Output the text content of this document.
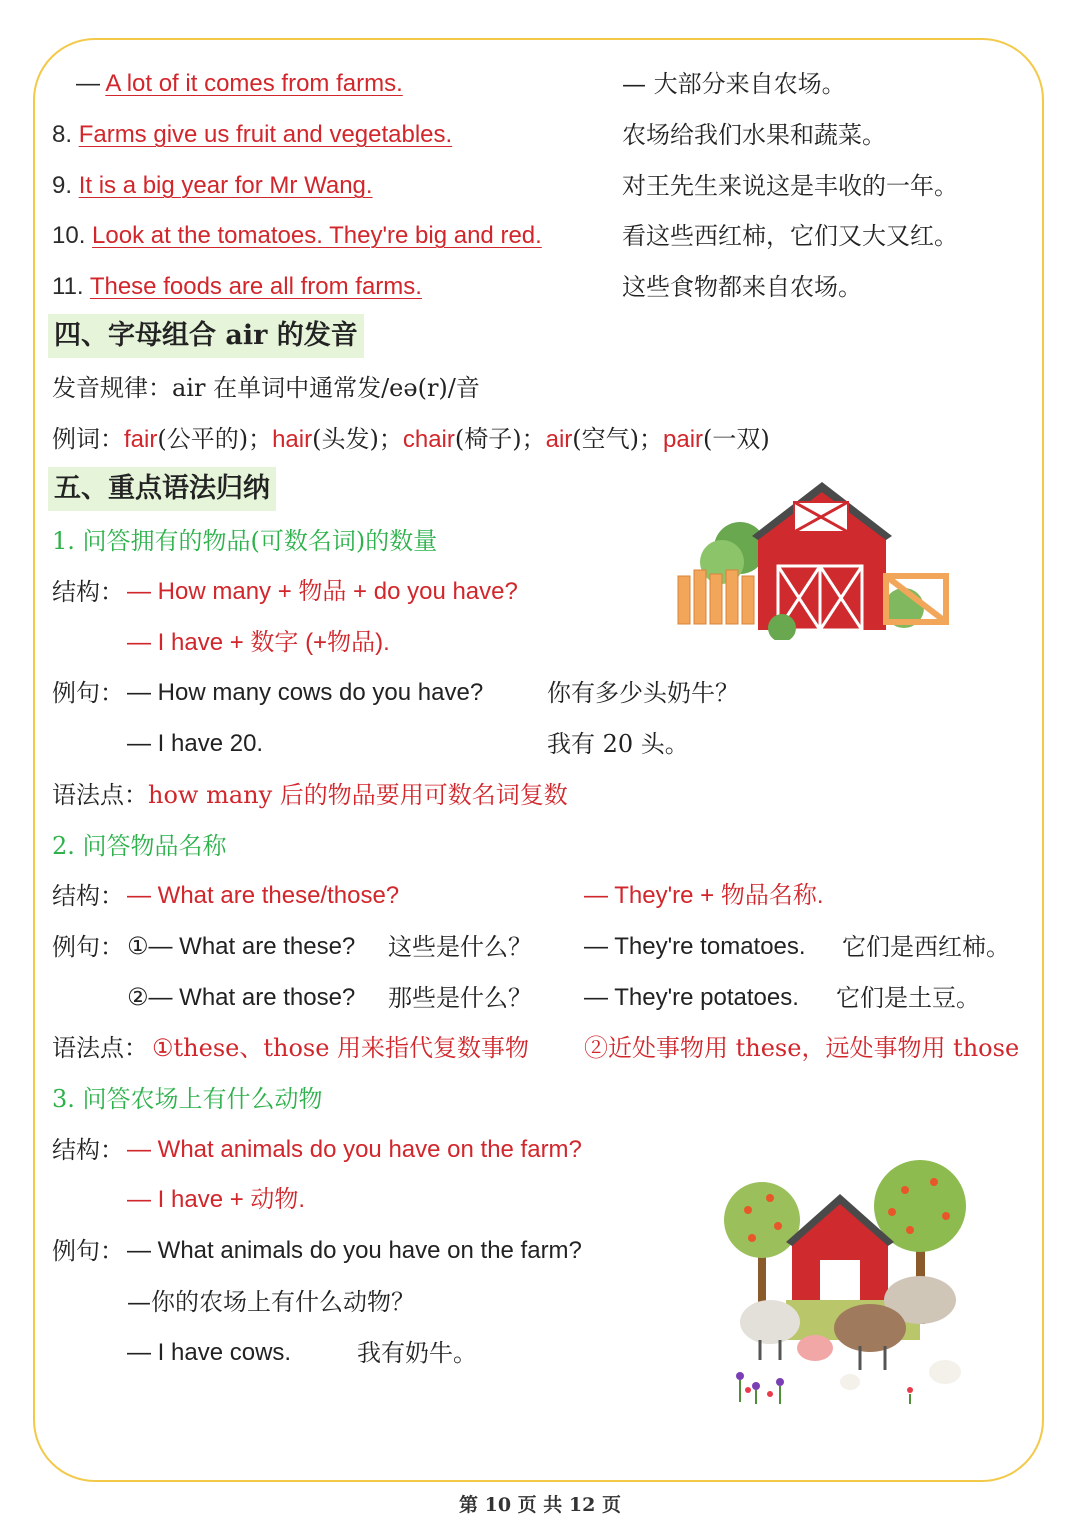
— A lot of it comes from farms.	— 大部分来自农场。
8. Farms give us fruit and vegetables.	农场给我们水果和蔬菜。
9. It is a big year for Mr Wang.	对王先生来说这是丰收的一年。
10. Look at the tomatoes. They're big and red.	看这些西红柿，它们又大又红。
11. These foods are all from farms.	这些食物都来自农场。
四、字母组合 air 的发音
发音规律：air 在单词中通常发/eə(r)/音
例词：fair(公平的)；hair(头发)；chair(椅子)；air(空气)；pair(一双)
五、重点语法归纳
1. 问答拥有的物品(可数名词)的数量
结构： — How many + 物品 + do you have?
— I have + 数字 (+物品).
例句： — How many cows do you have?	你有多少头奶牛？
— I have 20.	我有 20 头。
语法点：how many 后的物品要用可数名词复数
2. 问答物品名称
结构： — What are these/those?	— They're + 物品名称.
例句： ①— What are these? 这些是什么？ — They're tomatoes. 它们是西红柿。
②— What are those? 那些是什么？ — They're potatoes. 它们是土豆。
语法点： ①these、those 用来指代复数事物 ②近处事物用 these，远处事物用 those
3. 问答农场上有什么动物
结构： — What animals do you have on the farm?
— I have + 动物.
例句： — What animals do you have on the farm?
—你的农场上有什么动物？
— I have cows.	我有奶牛。
第 10 页 共 12 页
